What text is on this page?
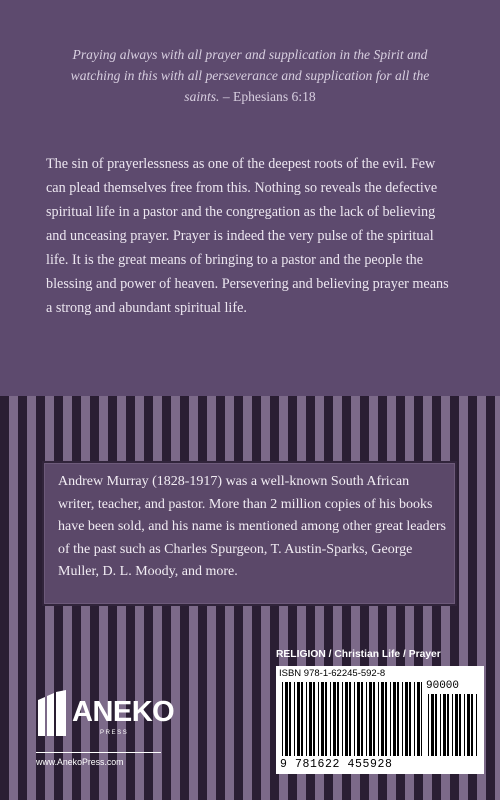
Praying always with all prayer and supplication in the Spirit and watching in this with all perseverance and supplication for all the saints. – Ephesians 6:18

The sin of prayerlessness as one of the deepest roots of the evil. Few can plead themselves free from this. Nothing so reveals the defective spiritual life in a pastor and the congregation as the lack of believing and unceasing prayer. Prayer is indeed the very pulse of the spiritual life. It is the great means of bringing to a pastor and the people the blessing and power of heaven. Persevering and believing prayer means a strong and abundant spiritual life.

Andrew Murray (1828-1917) was a well-known South African writer, teacher, and pastor. More than 2 million copies of his books have been sold, and his name is mentioned among other great leaders of the past such as Charles Spurgeon, T. Austin-Sparks, George Muller, D. L. Moody, and more.

RELIGION / Christian Life / Prayer
ISBN 978-1-62245-592-8
90000
9 781622 455928
ANEKO
PRESS
www.AnekoPress.com
